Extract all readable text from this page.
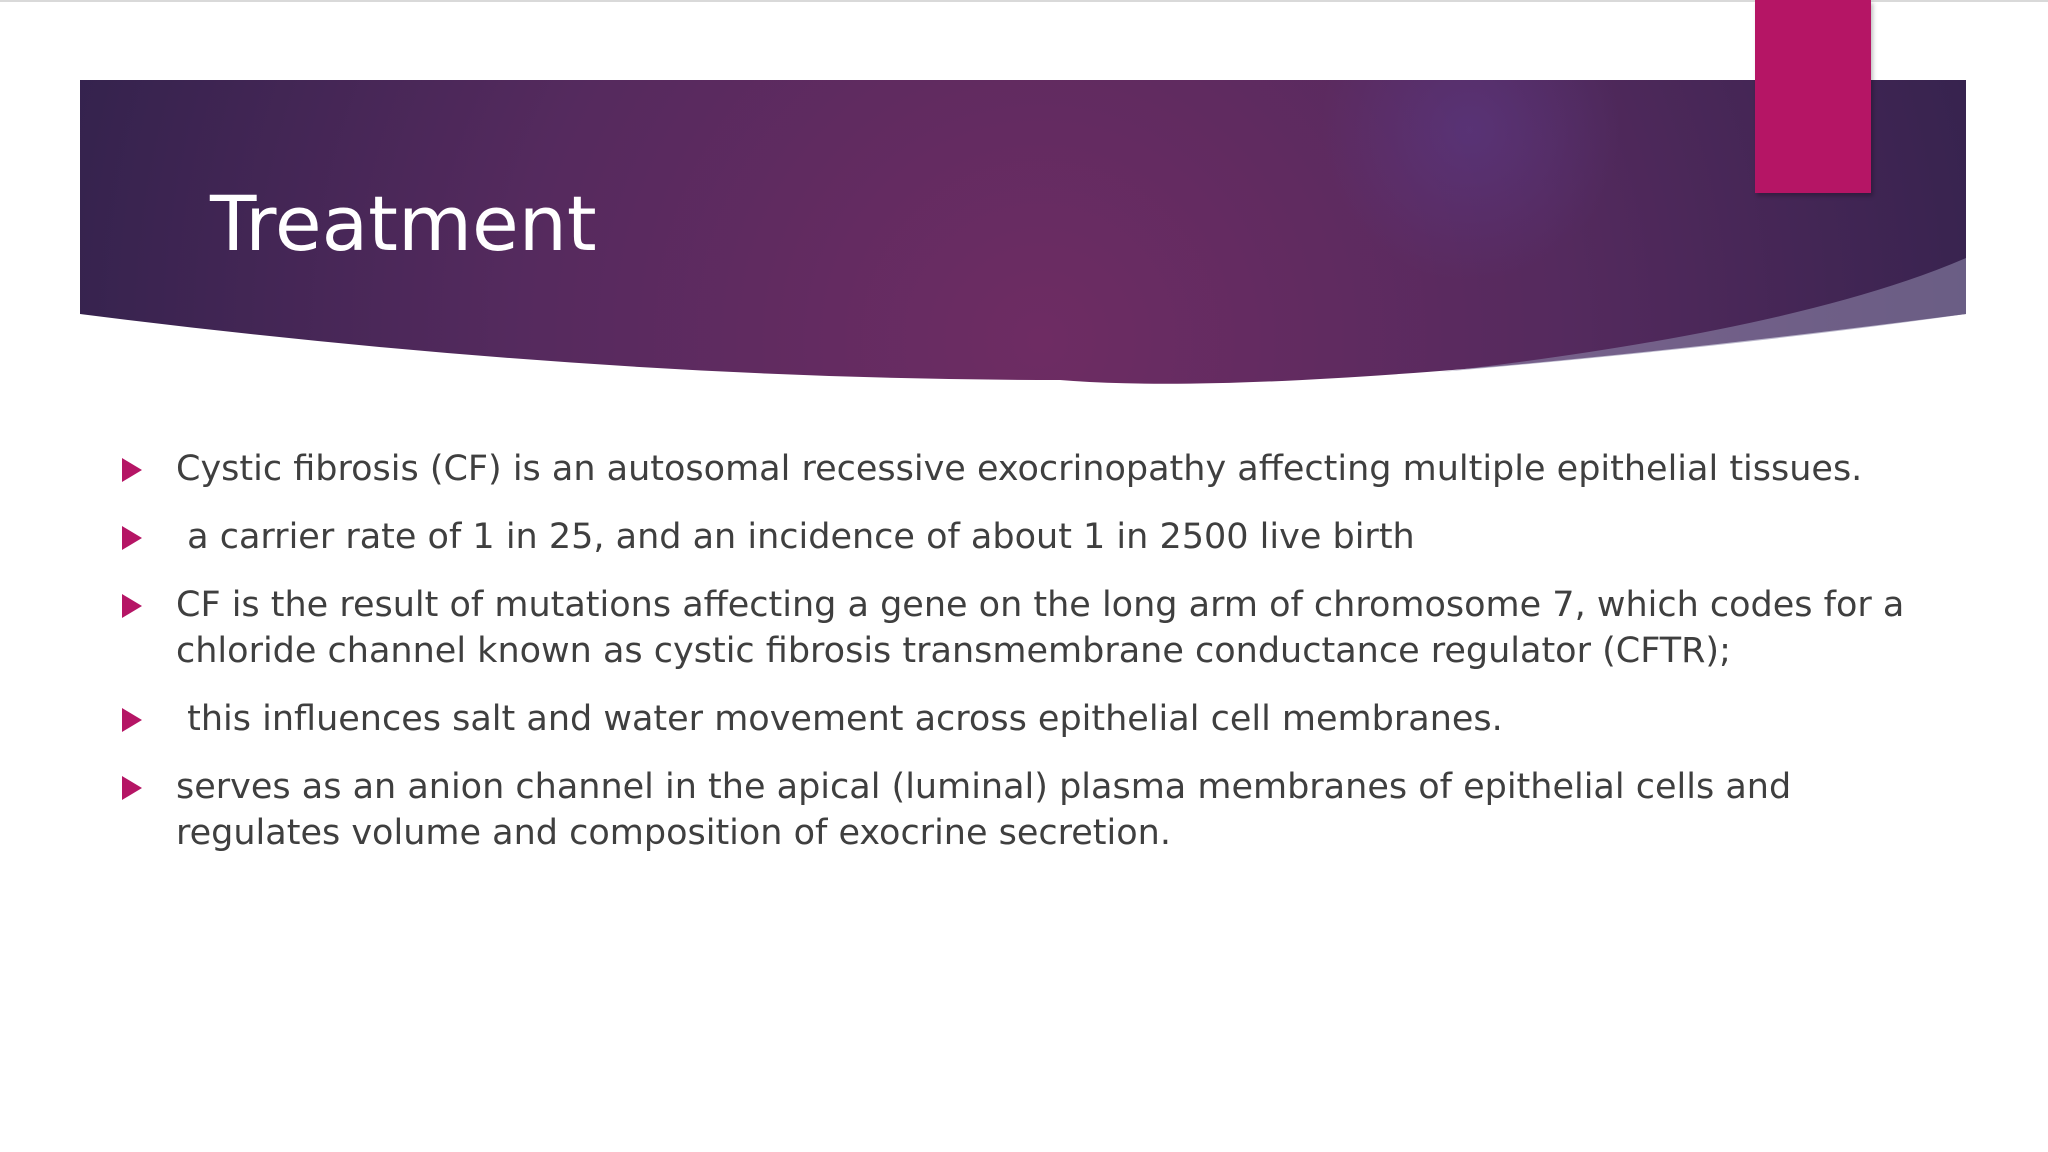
Treatment
Cystic fibrosis (CF) is an autosomal recessive exocrinopathy affecting multiple epithelial tissues.
a carrier rate of 1 in 25, and an incidence of about 1 in 2500 live birth
CF is the result of mutations affecting a gene on the long arm of chromosome 7, which codes for a chloride channel known as cystic fibrosis transmembrane conductance regulator (CFTR);
this influences salt and water movement across epithelial cell membranes.
serves as an anion channel in the apical (luminal) plasma membranes of epithelial cells and regulates volume and composition of exocrine secretion.
